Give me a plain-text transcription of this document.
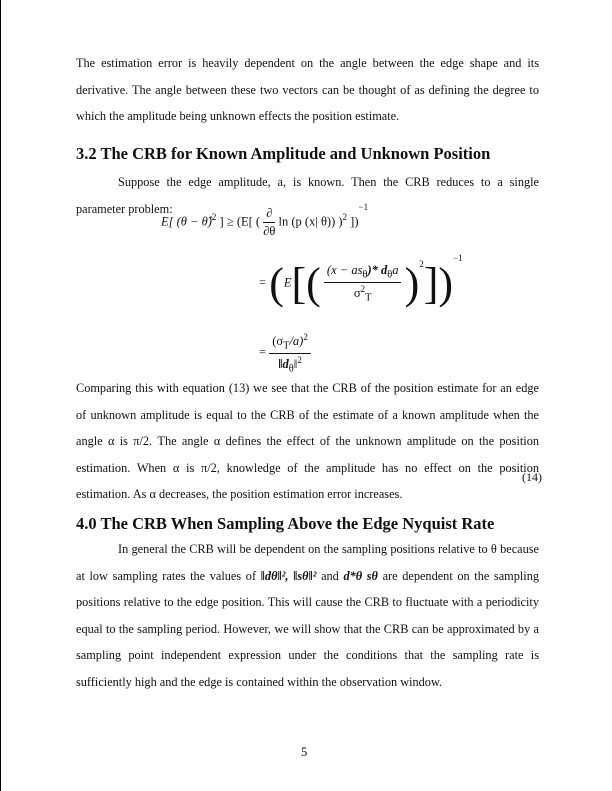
The estimation error is heavily dependent on the angle between the edge shape and its derivative. The angle between these two vectors can be thought of as defining the degree to which the amplitude being unknown effects the position estimate.
3.2 The CRB for Known Amplitude and Unknown Position
Suppose the edge amplitude, a, is known. Then the CRB reduces to a single parameter problem:
E[ (θ − θ̂)$^2$ ] ≥ (E[ ( $\frac{\partial}{\partial\theta}$ ln (p (x| θ)) )$^2$ ])$^{-1}$
= $(E[( \frac{(x - as_\theta)* d_\theta a}{\sigma^2_T} )^2])^{-1}$
= $\frac{(\sigma_T/a)^2}{‖d_\theta‖^2}$
(14)
Comparing this with equation (13) we see that the CRB of the position estimate for an edge of unknown amplitude is equal to the CRB of the estimate of a known amplitude when the angle α is π/2. The angle α defines the effect of the unknown amplitude on the position estimation. When α is π/2, knowledge of the amplitude has no effect on the position estimation. As α decreases, the position estimation error increases.
4.0 The CRB When Sampling Above the Edge Nyquist Rate
In general the CRB will be dependent on the sampling positions relative to θ because at low sampling rates the values of ‖dθ‖², ‖sθ‖² and d*θ sθ are dependent on the sampling positions relative to the edge position. This will cause the CRB to fluctuate with a periodicity equal to the sampling period. However, we will show that the CRB can be approximated by a sampling point independent expression under the conditions that the sampling rate is sufficiently high and the edge is contained within the observation window.
5
